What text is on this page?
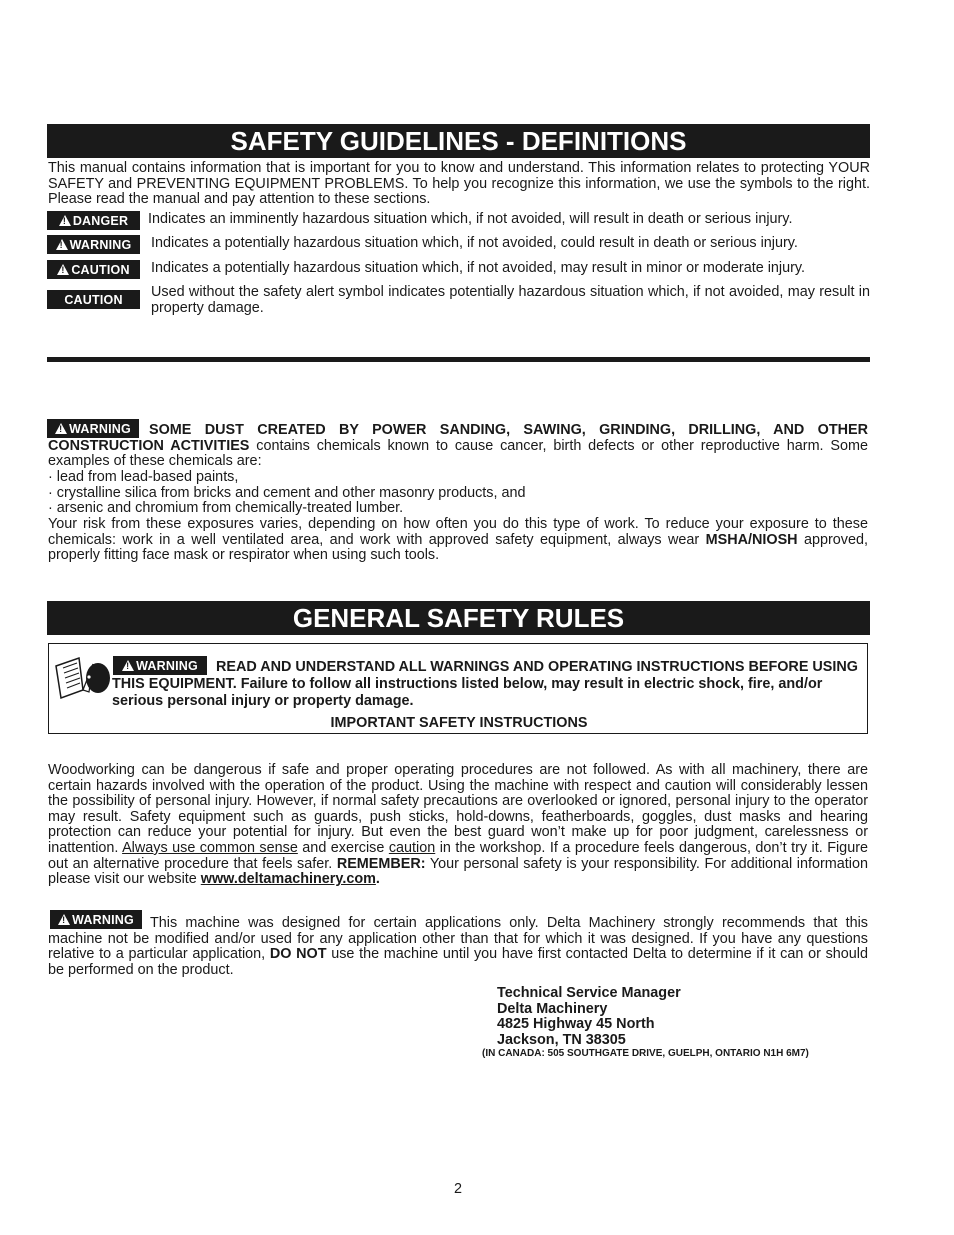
SAFETY GUIDELINES - DEFINITIONS
This manual contains information that is important for you to know and understand. This information relates to protecting YOUR SAFETY and PREVENTING EQUIPMENT PROBLEMS. To help you recognize this information, we use the symbols to the right. Please read the manual and pay attention to these sections.
!
DANGER Indicates an imminently hazardous situation which, if not avoided, will result in death or serious injury.
!
WARNING Indicates a potentially hazardous situation which, if not avoided, could result in death or serious injury.
!
CAUTION Indicates a potentially hazardous situation which, if not avoided, may result in minor or moderate injury.
CAUTION Used without the safety alert symbol indicates potentially hazardous situation which, if not avoided, may result in property damage.
!
WARNING	SOME DUST CREATED BY POWER SANDING, SAWING, GRINDING, DRILLING, AND OTHER CONSTRUCTION ACTIVITIES contains chemicals known to cause cancer, birth defects or other reproductive harm. Some examples of these chemicals are:
· lead from lead-based paints,
· crystalline silica from bricks and cement and other masonry products, and
· arsenic and chromium from chemically-treated lumber.
Your risk from these exposures varies, depending on how often you do this type of work. To reduce your exposure to these chemicals: work in a well ventilated area, and work with approved safety equipment, always wear MSHA/NIOSH approved, properly fitting face mask or respirator when using such tools.
GENERAL SAFETY RULES
!
WARNING	READ AND UNDERSTAND ALL WARNINGS AND OPERATING INSTRUCTIONS BEFORE USING THIS EQUIPMENT. Failure to follow all instructions listed below, may result in electric shock, fire, and/or serious personal injury or property damage.
IMPORTANT SAFETY INSTRUCTIONS
Woodworking can be dangerous if safe and proper operating procedures are not followed. As with all machinery, there are certain hazards involved with the operation of the product. Using the machine with respect and caution will considerably lessen the possibility of personal injury. However, if normal safety precautions are overlooked or ignored, personal injury to the operator may result. Safety equipment such as guards, push sticks, hold-downs, featherboards, goggles, dust masks and hearing protection can reduce your potential for injury. But even the best guard won’t make up for poor judgment, carelessness or inattention. Always use common sense and exercise caution in the workshop. If a procedure feels dangerous, don’t try it. Figure out an alternative procedure that feels safer. REMEMBER: Your personal safety is your responsibility. For additional information please visit our website www.deltamachinery.com.
!
WARNING	This machine was designed for certain applications only. Delta Machinery strongly recommends that this machine not be modified and/or used for any application other than that for which it was designed. If you have any questions relative to a particular application, DO NOT use the machine until you have first contacted Delta to determine if it can or should be performed on the product.
Technical Service Manager
Delta Machinery
4825 Highway 45 North
Jackson, TN 38305
(IN CANADA: 505 SOUTHGATE DRIVE, GUELPH, ONTARIO N1H 6M7)
2
